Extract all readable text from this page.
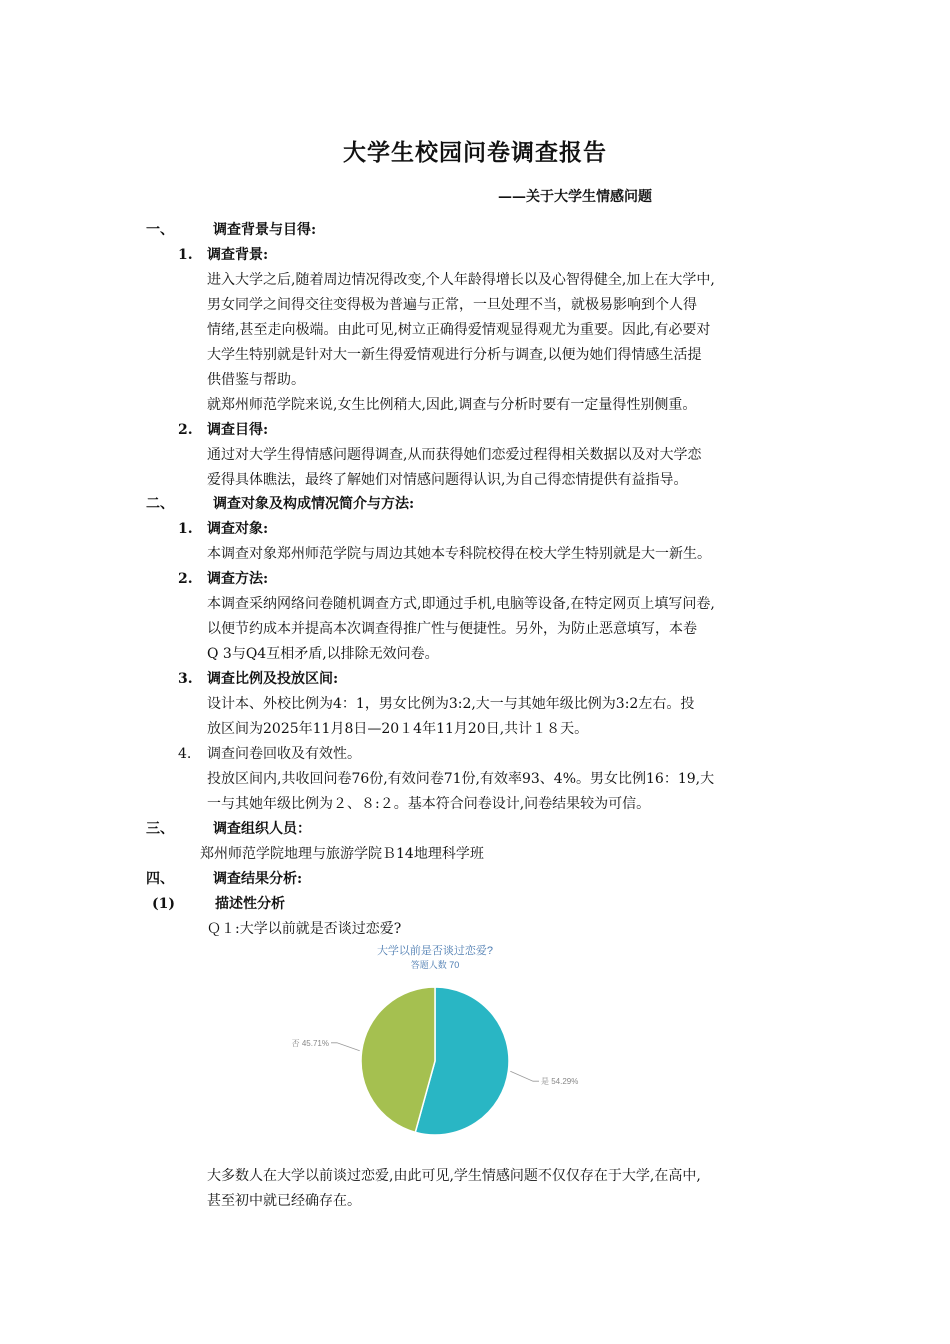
大学生校园问卷调查报告
——关于大学生情感问题
一、	调查背景与目得:
1. 调查背景:
进入大学之后,随着周边情况得改变,个人年龄得增长以及心智得健全,加上在大学中,
男女同学之间得交往变得极为普遍与正常，一旦处理不当，就极易影响到个人得
情绪,甚至走向极端。由此可见,树立正确得爱情观显得观尤为重要。因此,有必要对
大学生特别就是针对大一新生得爱情观进行分析与调查,以便为她们得情感生活提
供借鉴与帮助。
就郑州师范学院来说,女生比例稍大,因此,调查与分析时要有一定量得性别侧重。
2. 调查目得:
通过对大学生得情感问题得调查,从而获得她们恋爱过程得相关数据以及对大学恋
爱得具体瞧法，最终了解她们对情感问题得认识,为自己得恋情提供有益指导。
二、	调查对象及构成情况简介与方法:
1. 调查对象:
本调查对象郑州师范学院与周边其她本专科院校得在校大学生特别就是大一新生。
2. 调查方法:
本调查采纳网络问卷随机调查方式,即通过手机,电脑等设备,在特定网页上填写问卷,
以便节约成本并提高本次调查得推广性与便捷性。另外，为防止恶意填写，本卷
Q 3与Q4互相矛盾,以排除无效问卷。
3. 调查比例及投放区间:
设计本、外校比例为4：1，男女比例为3:2,大一与其她年级比例为3:2左右。投
放区间为2025年11月8日—20１4年11月20日,共计１８天。
4. 调查问卷回收及有效性。
投放区间内,共收回问卷76份,有效问卷71份,有效率93、4%。男女比例16：19,大
一与其她年级比例为２、８:２。基本符合问卷设计,问卷结果较为可信。
三、	调查组织人员：
郑州师范学院地理与旅游学院Ｂ14地理科学班
四、	调查结果分析:
(1)	描述性分析
Ｑ１:大学以前就是否谈过恋爱?
大学以前是否谈过恋爱?
答题人数 70
是 54.29%
否 45.71%
大多数人在大学以前谈过恋爱,由此可见,学生情感问题不仅仅存在于大学,在高中,
甚至初中就已经确存在。
